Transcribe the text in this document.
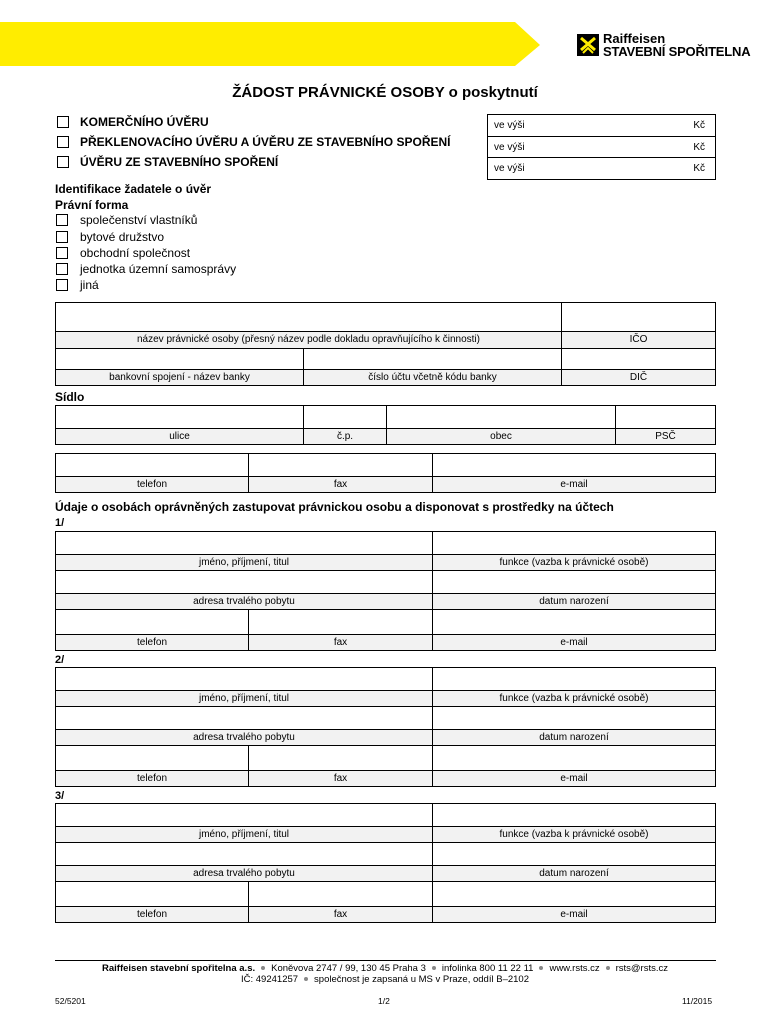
Raiffeisen
STAVEBNÍ SPOŘITELNA
ŽÁDOST PRÁVNICKÉ OSOBY o poskytnutí
KOMERČNÍHO ÚVĚRU
PŘEKLENOVACÍHO ÚVĚRU A ÚVĚRU ZE STAVEBNÍHO SPOŘENÍ
ÚVĚRU ZE STAVEBNÍHO SPOŘENÍ
ve výši	Kč
ve výši	Kč
ve výši	Kč
Identifikace žadatele o úvěr
Právní forma
společenství vlastníků
bytové družstvo
obchodní společnost
jednotka územní samosprávy
jiná
název právnické osoby (přesný název podle dokladu opravňujícího k činnosti)	IČO
bankovní spojení - název banky	číslo účtu včetně kódu banky	DIČ
Sídlo
ulice	č.p.	obec	PSČ
telefon	fax	e-mail
Údaje o osobách oprávněných zastupovat právnickou osobu a disponovat s prostředky na účtech
1/
jméno, příjmení, titul	funkce (vazba k právnické osobě)
adresa trvalého pobytu	datum narození
telefon	fax	e-mail
2/
jméno, příjmení, titul	funkce (vazba k právnické osobě)
adresa trvalého pobytu	datum narození
telefon	fax	e-mail
3/
jméno, příjmení, titul	funkce (vazba k právnické osobě)
adresa trvalého pobytu	datum narození
telefon	fax	e-mail
Raiffeisen stavební spořitelna a.s. Koněvova 2747 / 99, 130 45 Praha 3 infolinka 800 11 22 11 www.rsts.cz rsts@rsts.cz
IČ: 49241257 společnost je zapsaná u MS v Praze, oddíl B–2102
52/5201	1/2	11/2015
